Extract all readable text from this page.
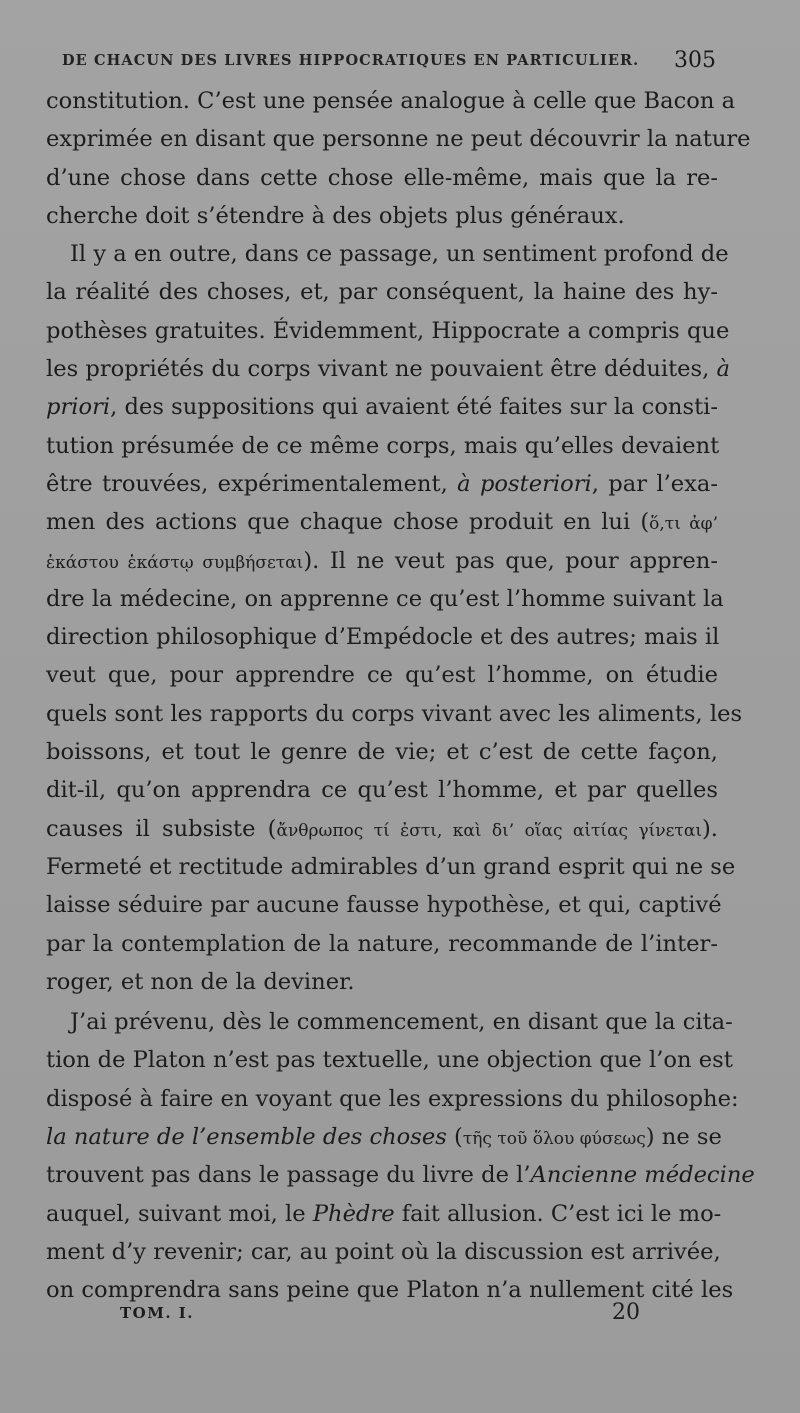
DE CHACUN DES LIVRES HIPPOCRATIQUES EN PARTICULIER. 305
constitution. C’est une pensée analogue à celle que Bacon a
exprimée en disant que personne ne peut découvrir la nature
d’une chose dans cette chose elle-même, mais que la re-
cherche doit s’étendre à des objets plus généraux.
Il y a en outre, dans ce passage, un sentiment profond de
la réalité des choses, et, par conséquent, la haine des hy-
pothèses gratuites. Évidemment, Hippocrate a compris que
les propriétés du corps vivant ne pouvaient être déduites, à
priori, des suppositions qui avaient été faites sur la consti-
tution présumée de ce même corps, mais qu’elles devaient
être trouvées, expérimentalement, à posteriori, par l’exa-
men des actions que chaque chose produit en lui (ὅ,τι ἀφ’
ἑκάστου ἑκάστῳ συμβήσεται). Il ne veut pas que, pour appren-
dre la médecine, on apprenne ce qu’est l’homme suivant la
direction philosophique d’Empédocle et des autres; mais il
veut que, pour apprendre ce qu’est l’homme, on étudie
quels sont les rapports du corps vivant avec les aliments, les
boissons, et tout le genre de vie; et c’est de cette façon,
dit-il, qu’on apprendra ce qu’est l’homme, et par quelles
causes il subsiste (ἄνθρωπος τί ἐστι, καὶ δι’ οἵας αἰτίας γίνεται).
Fermeté et rectitude admirables d’un grand esprit qui ne se
laisse séduire par aucune fausse hypothèse, et qui, captivé
par la contemplation de la nature, recommande de l’inter-
roger, et non de la deviner.
J’ai prévenu, dès le commencement, en disant que la cita-
tion de Platon n’est pas textuelle, une objection que l’on est
disposé à faire en voyant que les expressions du philosophe:
la nature de l’ensemble des choses (τῆς τοῦ ὅλου φύσεως) ne se
trouvent pas dans le passage du livre de l’Ancienne médecine
auquel, suivant moi, le Phèdre fait allusion. C’est ici le mo-
ment d’y revenir; car, au point où la discussion est arrivée,
on comprendra sans peine que Platon n’a nullement cité les
TOM. I.	20
